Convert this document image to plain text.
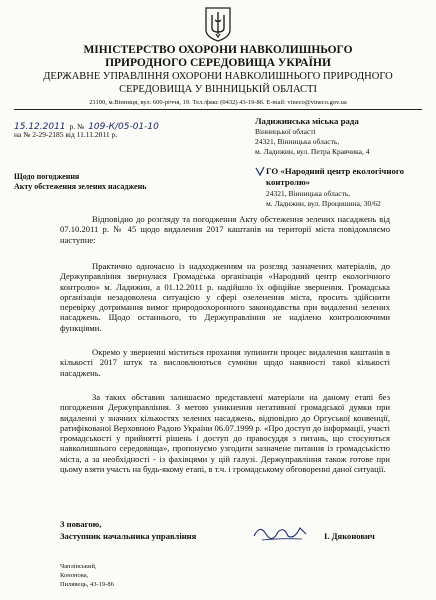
МІНІСТЕРСТВО ОХОРОНИ НАВКОЛИШНЬОГО
ПРИРОДНОГО СЕРЕДОВИЩА УКРАЇНИ
ДЕРЖАВНЕ УПРАВЛІННЯ ОХОРОНИ НАВКОЛИШНЬОГО ПРИРОДНОГО
СЕРЕДОВИЩА У ВІННИЦЬКІЙ ОБЛАСТІ
21100, м.Вінниця, вул. 600-річчя, 19. Тел./факс (0432) 43-19-86. E-mail: vineco@vineco.gov.ua
15.12.2011 р. № 109-К/05-01-10
на № 2-29-2185 від 11.11.2011 р.
Ладижинська міська рада
Вінницької області
24321, Вінницька область,
м. Ладижин, вул. Петра Кравчика, 4
Щодо погодження
Акту обстеження зелених насаджень
ГО «Народний центр екологічного
контролю»
24321, Вінницька область,
м. Ладижин, вул. Процишина, 30/62
Відповідно до розгляду та погодження Акту обстеження зелених насаджень від 07.10.2011 р. № 45 щодо видалення 2017 каштанів на території міста повідомляємо наступне:
Практично одночасно із надходженням на розгляд зазначених матеріалів, до Держуправління звернулася Громадська організація «Народний центр екологічного контролю» м. Ладижин, а 01.12.2011 р. надійшло їх офіційне звернення. Громадська організація незадоволена ситуацією у сфері озеленення міста, просить здійснити перевірку дотримання вимог природоохоронного законодавства при видаленні зелених насаджень. Щодо останнього, то Держуправління не наділено контролюючими функціями.
Окремо у зверненні міститься прохання зупинити процес видалення каштанів в кількості 2017 штук та висловлюються сумніви щодо наявності такої кількості насаджень.
За таких обставин залишаємо представлені матеріали на даному етапі без погодження Держуправління. З метою уникнення негативної громадської думки при видаленні у значних кількостях зелених насаджень, відповідно до Оргуської конвенції, ратифікованої Верховною Радою України 06.07.1999 р. «Про доступ до інформації, участі громадськості у прийнятті рішень і доступ до правосуддя з питань, що стосуються навколишнього середовища», пропонуємо узгодити зазначене питання із громадськістю міста, а за необхідності - із фахівцями у цій галузі. Держуправління також готове при цьому взяти участь на будь-якому етапі, в т.ч. і громадському обговоренні даної ситуації.
З повагою,
Заступник начальника управління	І. Дяконович
Чаплінський,
Кононова,
Пилявець, 43-19-86
